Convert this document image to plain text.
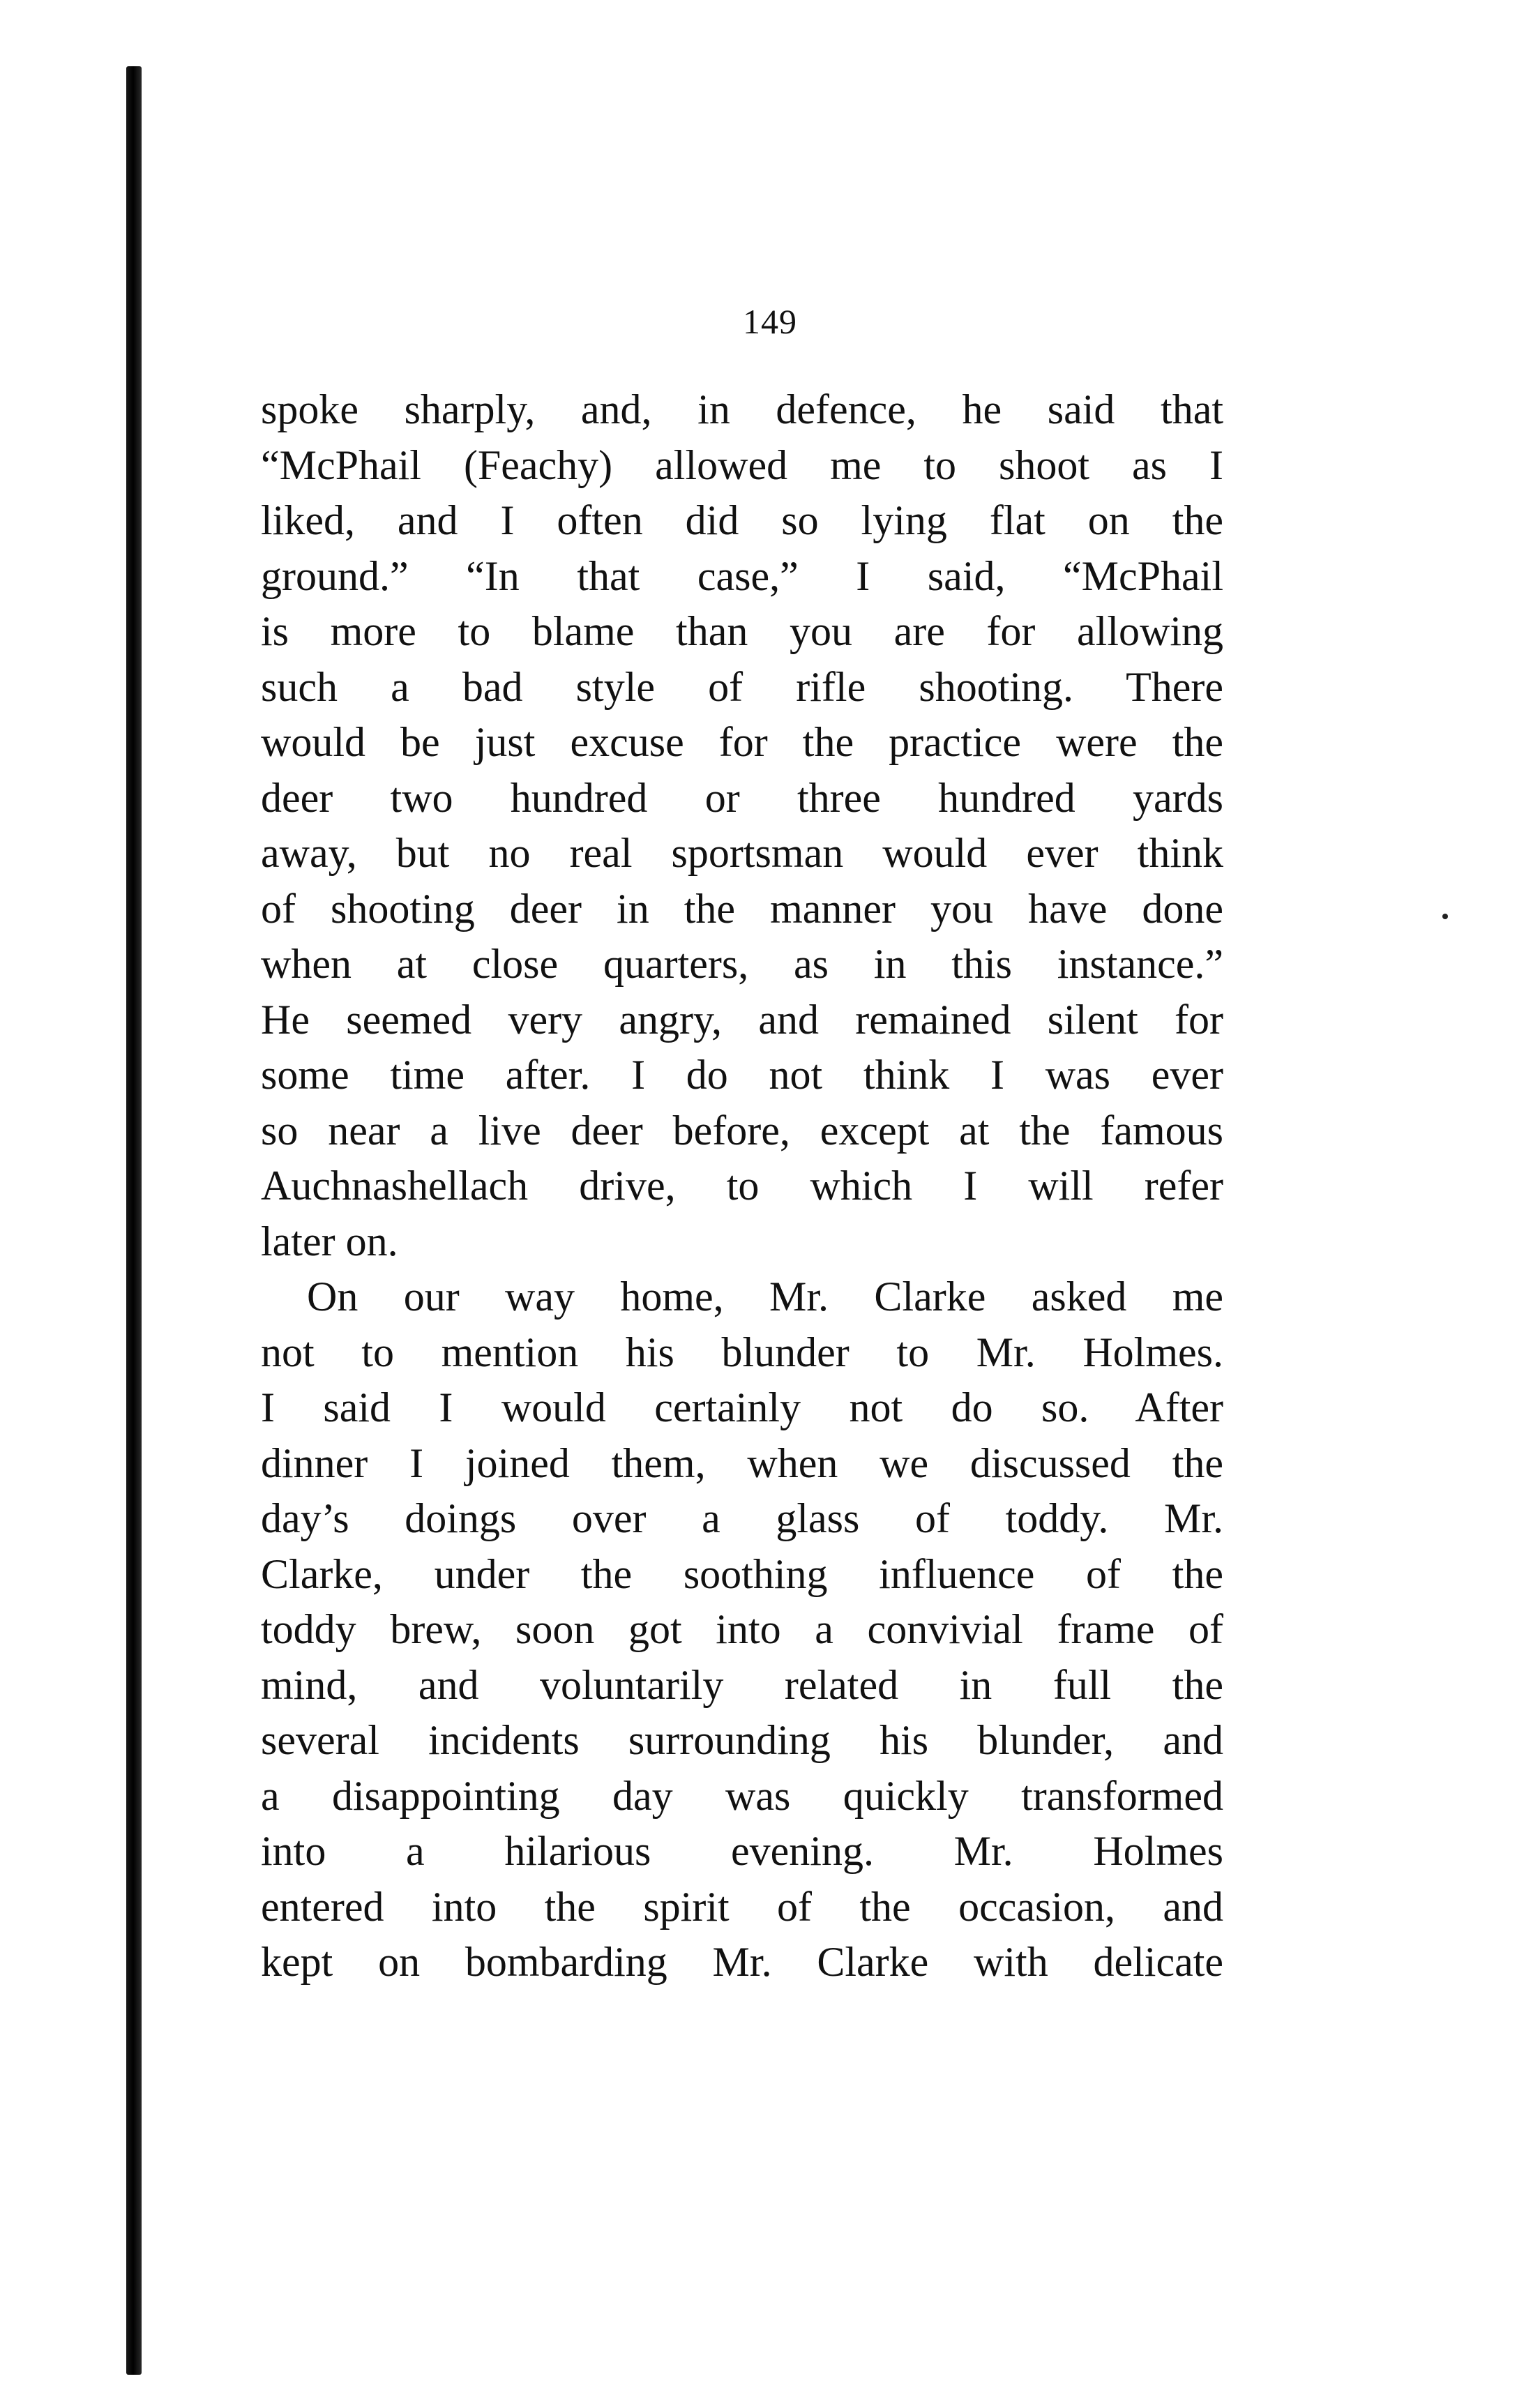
149
spoke sharply, and, in defence, he said that
“McPhail (Feachy) allowed me to shoot as I
liked, and I often did so lying flat on the
ground.” “In that case,” I said, “McPhail
is more to blame than you are for allowing
such a bad style of rifle shooting. There
would be just excuse for the practice were the
deer two hundred or three hundred yards
away, but no real sportsman would ever think
of shooting deer in the manner you have done
when at close quarters, as in this instance.”
He seemed very angry, and remained silent for
some time after. I do not think I was ever
so near a live deer before, except at the famous
Auchnashellach drive, to which I will refer
later on.
On our way home, Mr. Clarke asked me
not to mention his blunder to Mr. Holmes.
I said I would certainly not do so. After
dinner I joined them, when we discussed the
day’s doings over a glass of toddy. Mr.
Clarke, under the soothing influence of the
toddy brew, soon got into a convivial frame of
mind, and voluntarily related in full the
several incidents surrounding his blunder, and
a disappointing day was quickly transformed
into a hilarious evening. Mr. Holmes
entered into the spirit of the occasion, and
kept on bombarding Mr. Clarke with delicate
